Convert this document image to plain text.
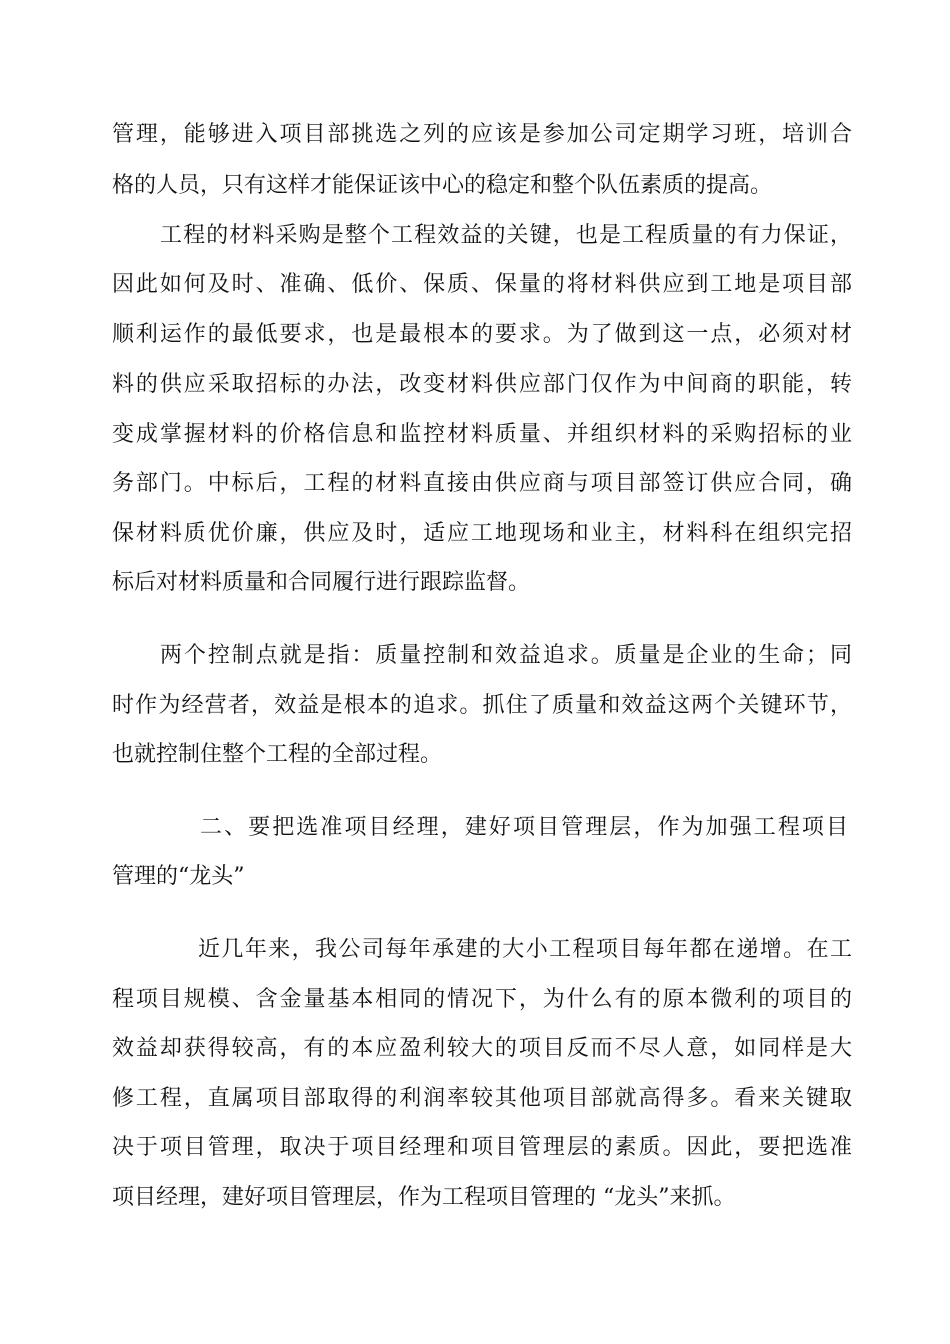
管理，能够进入项目部挑选之列的应该是参加公司定期学习班，培训合
格的人员，只有这样才能保证该中心的稳定和整个队伍素质的提高。
工程的材料采购是整个工程效益的关键，也是工程质量的有力保证，
因此如何及时、准确、低价、保质、保量的将材料供应到工地是项目部
顺利运作的最低要求，也是最根本的要求。为了做到这一点，必须对材
料的供应采取招标的办法，改变材料供应部门仅作为中间商的职能，转
变成掌握材料的价格信息和监控材料质量、并组织材料的采购招标的业
务部门。中标后，工程的材料直接由供应商与项目部签订供应合同，确
保材料质优价廉，供应及时，适应工地现场和业主，材料科在组织完招
标后对材料质量和合同履行进行跟踪监督。
两个控制点就是指：质量控制和效益追求。质量是企业的生命；同
时作为经营者，效益是根本的追求。抓住了质量和效益这两个关键环节，
也就控制住整个工程的全部过程。
二、要把选准项目经理，建好项目管理层，作为加强工程项目
管理的“龙头”
近几年来，我公司每年承建的大小工程项目每年都在递增。在工
程项目规模、含金量基本相同的情况下，为什么有的原本微利的项目的
效益却获得较高，有的本应盈利较大的项目反而不尽人意，如同样是大
修工程，直属项目部取得的利润率较其他项目部就高得多。看来关键取
决于项目管理，取决于项目经理和项目管理层的素质。因此，要把选准
项目经理，建好项目管理层，作为工程项目管理的 “龙头”来抓。
